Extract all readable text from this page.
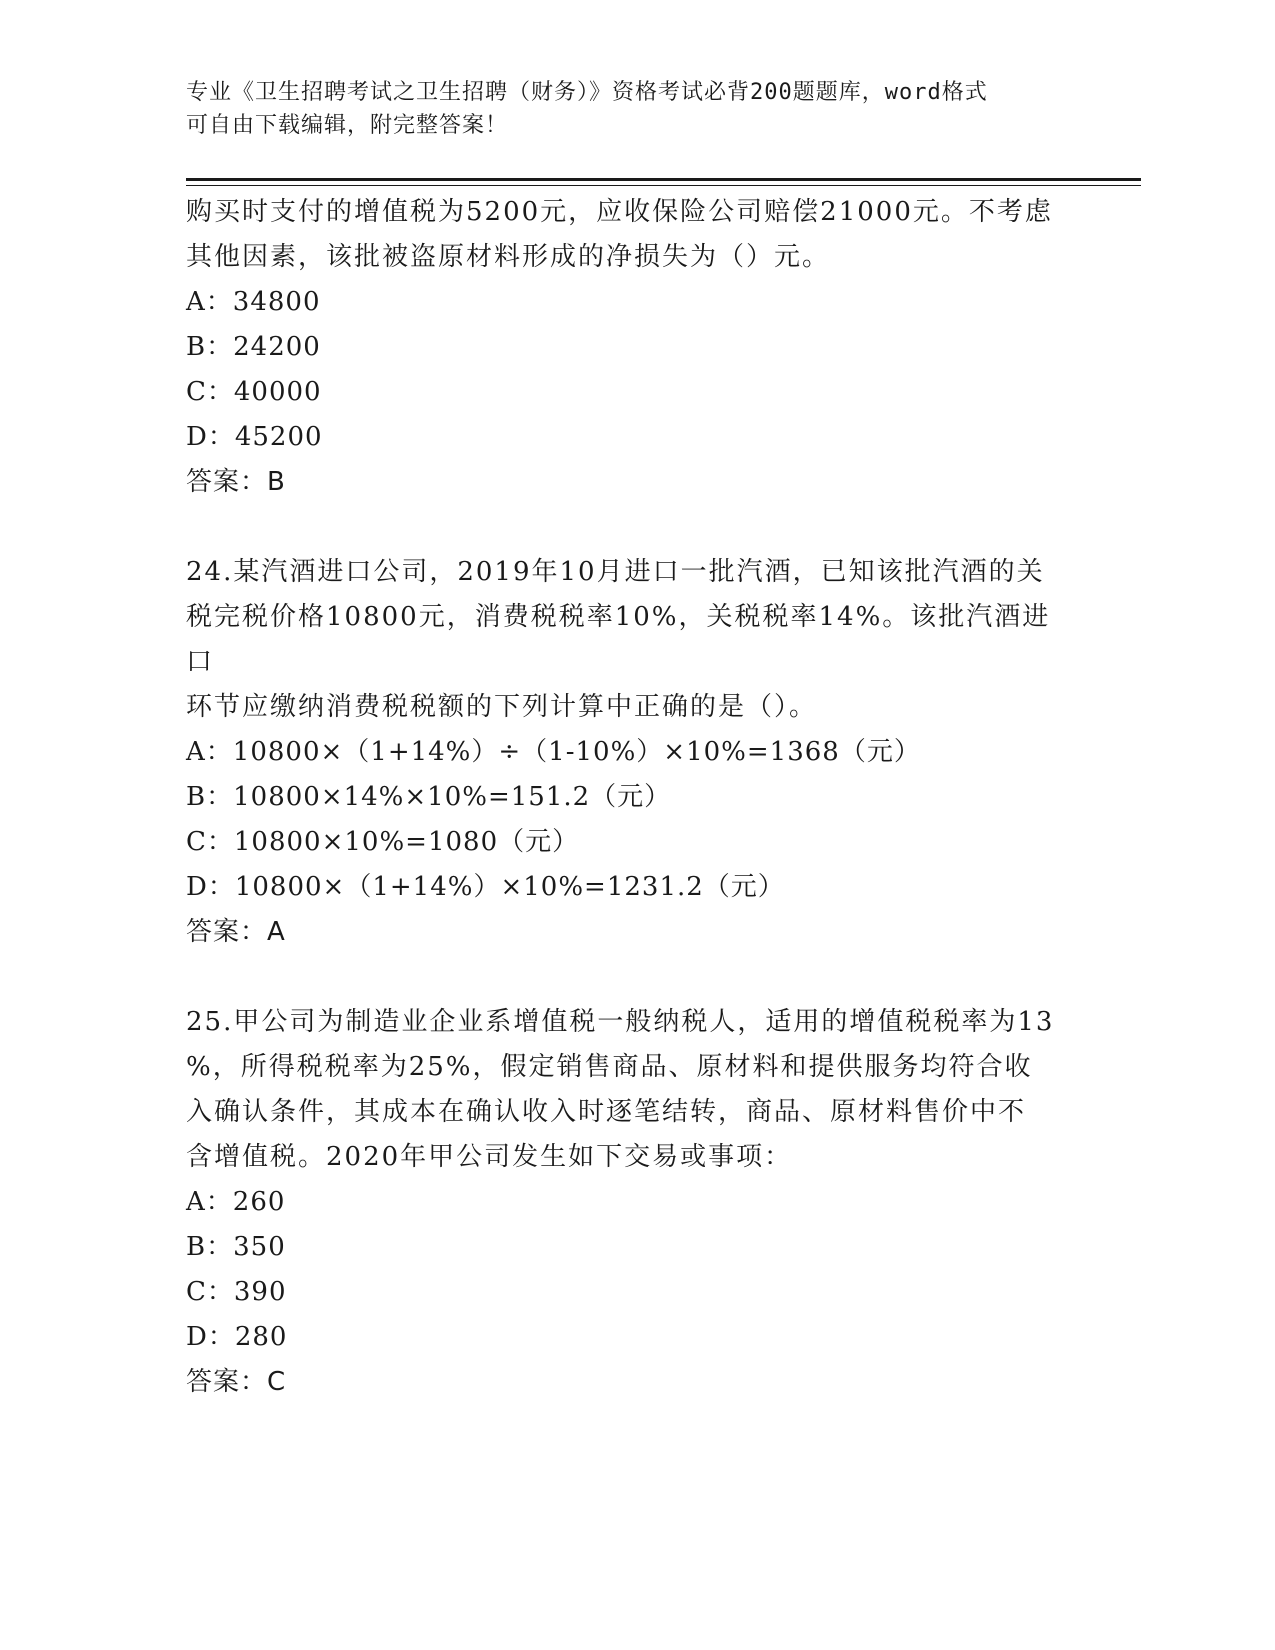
专业《卫生招聘考试之卫生招聘（财务）》资格考试必背200题题库，word格式
可自由下载编辑，附完整答案！

购买时支付的增值税为5200元，应收保险公司赔偿21000元。不考虑

其他因素，该批被盗原材料形成的净损失为（）元。

A：34800

B：24200

C：40000

D：45200

答案：B

24.某汽酒进口公司，2019年10月进口一批汽酒，已知该批汽酒的关

税完税价格10800元，消费税税率10%，关税税率14%。该批汽酒进口

环节应缴纳消费税税额的下列计算中正确的是（）。

A：10800×（1+14%）÷（1-10%）×10%=1368（元）

B：10800×14%×10%=151.2（元）

C：10800×10%=1080（元）

D：10800×（1+14%）×10%=1231.2（元）

答案：A

25.甲公司为制造业企业系增值税一般纳税人，适用的增值税税率为13

%，所得税税率为25%，假定销售商品、原材料和提供服务均符合收

入确认条件，其成本在确认收入时逐笔结转，商品、原材料售价中不

含增值税。2020年甲公司发生如下交易或事项：

A：260

B：350

C：390

D：280

答案：C
